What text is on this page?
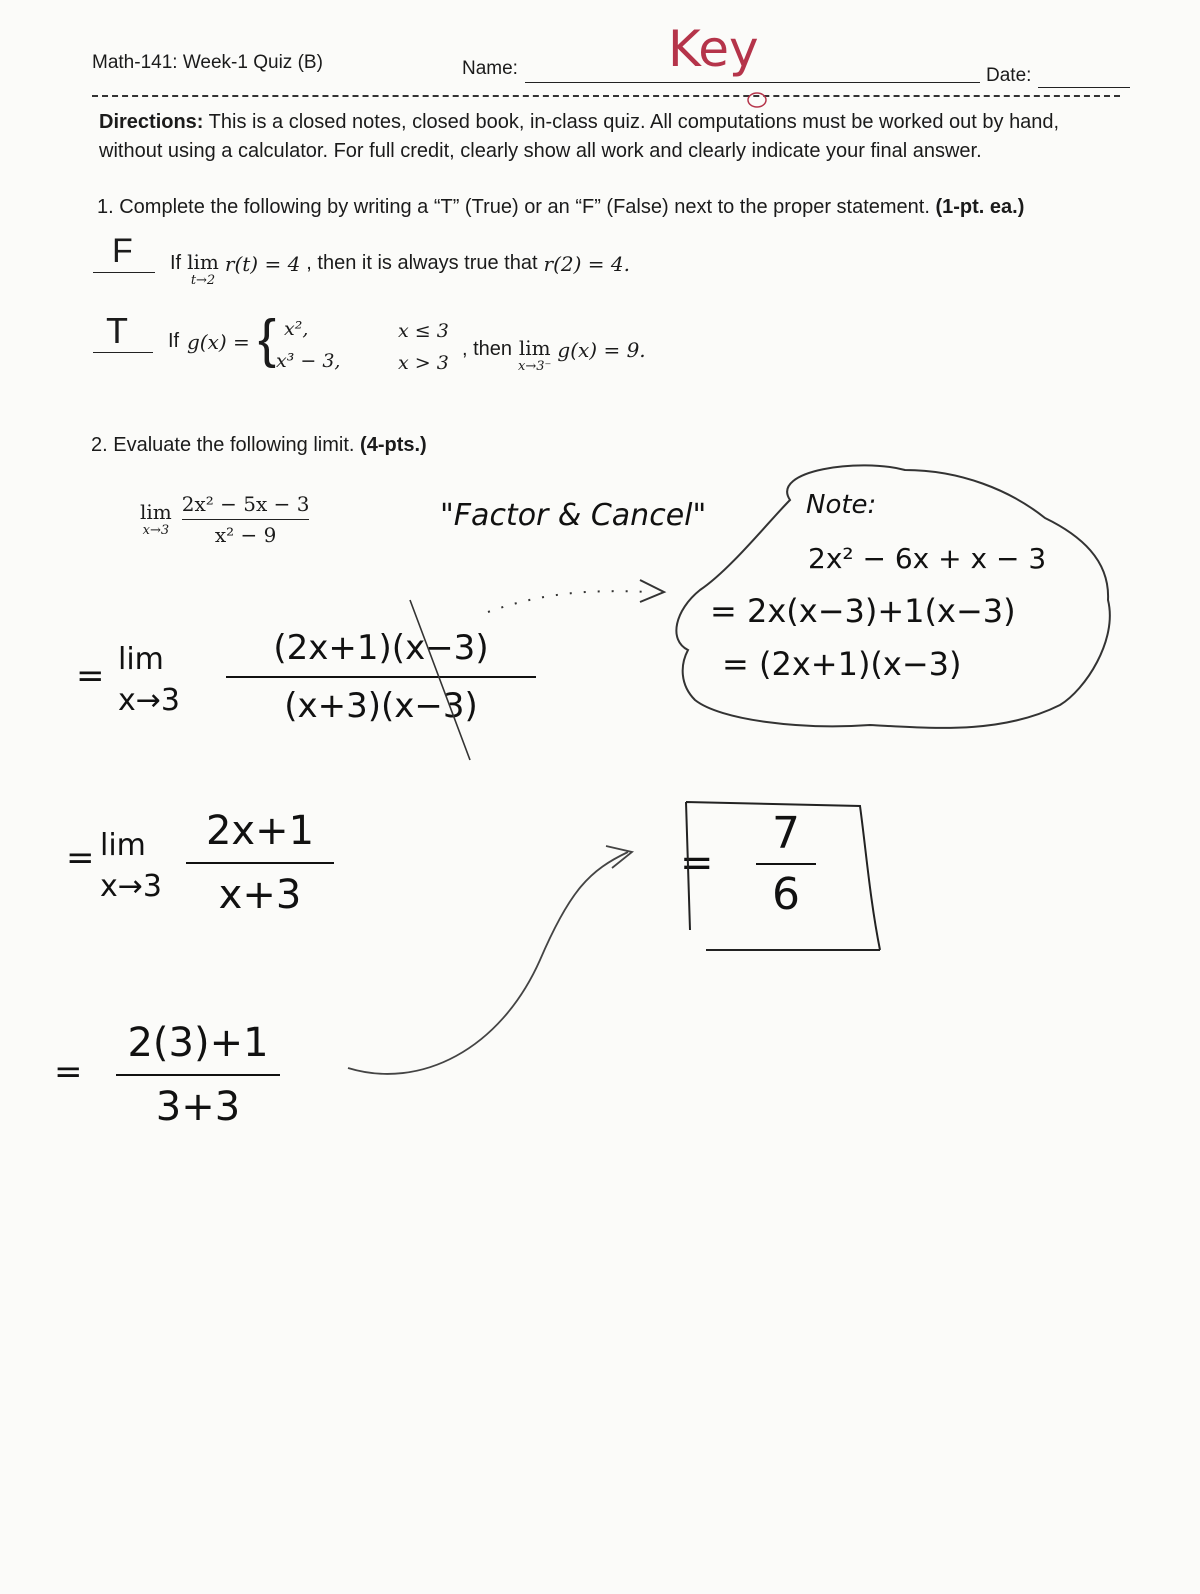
Math-141: Week-1 Quiz (B)	Name:	Key	Date:
Directions: This is a closed notes, closed book, in-class quiz. All computations must be worked out by hand,
without using a calculator. For full credit, clearly show all work and clearly indicate your final answer.
1. Complete the following by writing a “T” (True) or an “F” (False) next to the proper statement. (1-pt. ea.)
F If lim
t→2
r(t) = 4 , then it is always true that r(2) = 4.
T If g(x) = { x²,
x³ − 3,
x ≤ 3
x > 3
, then lim
x→3⁻
g(x) = 9.
2. Evaluate the following limit. (4-pts.)
lim
x→3
2x² − 5x − 3
x² − 9
"Factor & Cancel"
= lim
x→3
(2x+1)(x−3)
(x+3)(x−3)
= lim
x→3
2x+1
x+3
=
2(3)+1
3+3
Note:
2x² − 6x + x − 3
= 2x(x−3)+1(x−3)
= (2x+1)(x−3)
=
7
6
